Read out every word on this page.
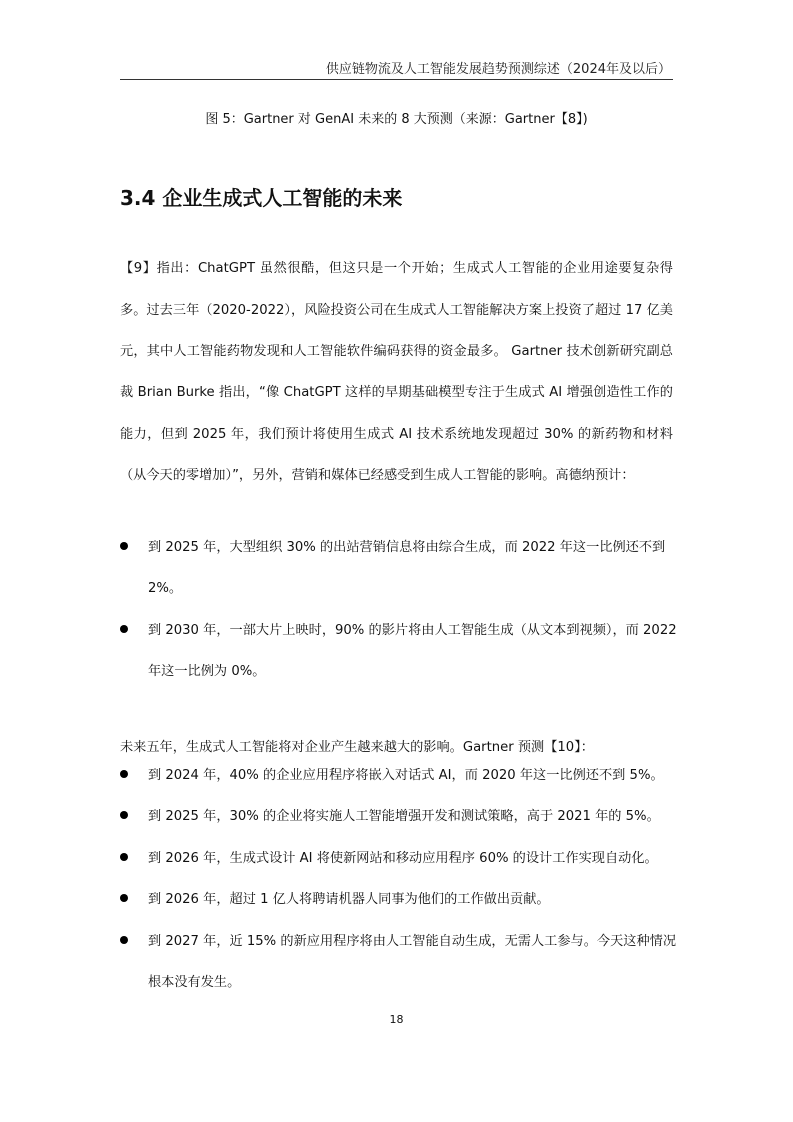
供应链物流及人工智能发展趋势预测综述（2024年及以后）
图 5：Gartner 对 GenAI 未来的 8 大预测（来源：Gartner【8】)
3.4 企业生成式人工智能的未来

【9】指出：ChatGPT 虽然很酷，但这只是一个开始；生成式人工智能的企业用途要复杂得多。过去三年（2020-2022），风险投资公司在生成式人工智能解决方案上投资了超过 17 亿美元，其中人工智能药物发现和人工智能软件编码获得的资金最多。 Gartner 技术创新研究副总裁 Brian Burke 指出，“像 ChatGPT 这样的早期基础模型专注于生成式 AI 增强创造性工作的能力，但到 2025 年，我们预计将使用生成式 AI 技术系统地发现超过 30% 的新药物和材料（从今天的零增加）”，另外，营销和媒体已经感受到生成人工智能的影响。高德纳预计：

到 2025 年，大型组织 30% 的出站营销信息将由综合生成，而 2022 年这一比例还不到 2%。
到 2030 年，一部大片上映时，90% 的影片将由人工智能生成（从文本到视频），而 2022 年这一比例为 0%。

未来五年，生成式人工智能将对企业产生越来越大的影响。Gartner 预测【10】：

到 2024 年，40% 的企业应用程序将嵌入对话式 AI，而 2020 年这一比例还不到 5%。
到 2025 年，30% 的企业将实施人工智能增强开发和测试策略，高于 2021 年的 5%。
到 2026 年，生成式设计 AI 将使新网站和移动应用程序 60% 的设计工作实现自动化。
到 2026 年，超过 1 亿人将聘请机器人同事为他们的工作做出贡献。
到 2027 年，近 15% 的新应用程序将由人工智能自动生成，无需人工参与。今天这种情况根本没有发生。
18
